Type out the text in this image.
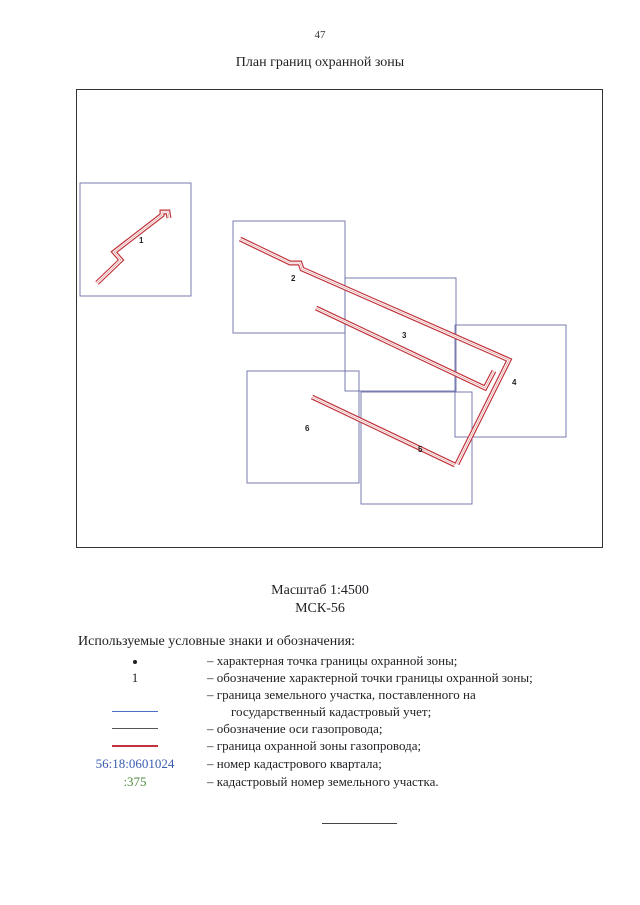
47
План границ охранной зоны
1
2
3
4
6
5
Масштаб 1:4500
МСК-56
Используемые условные знаки и обозначения:
– характерная точка границы охранной зоны;
1	– обозначение характерной точки границы охранной зоны;
– граница земельного участка, поставленного на
государственный кадастровый учет;
– обозначение оси газопровода;
– граница охранной зоны газопровода;
56:18:0601024	– номер кадастрового квартала;
:375	– кадастровый номер земельного участка.
